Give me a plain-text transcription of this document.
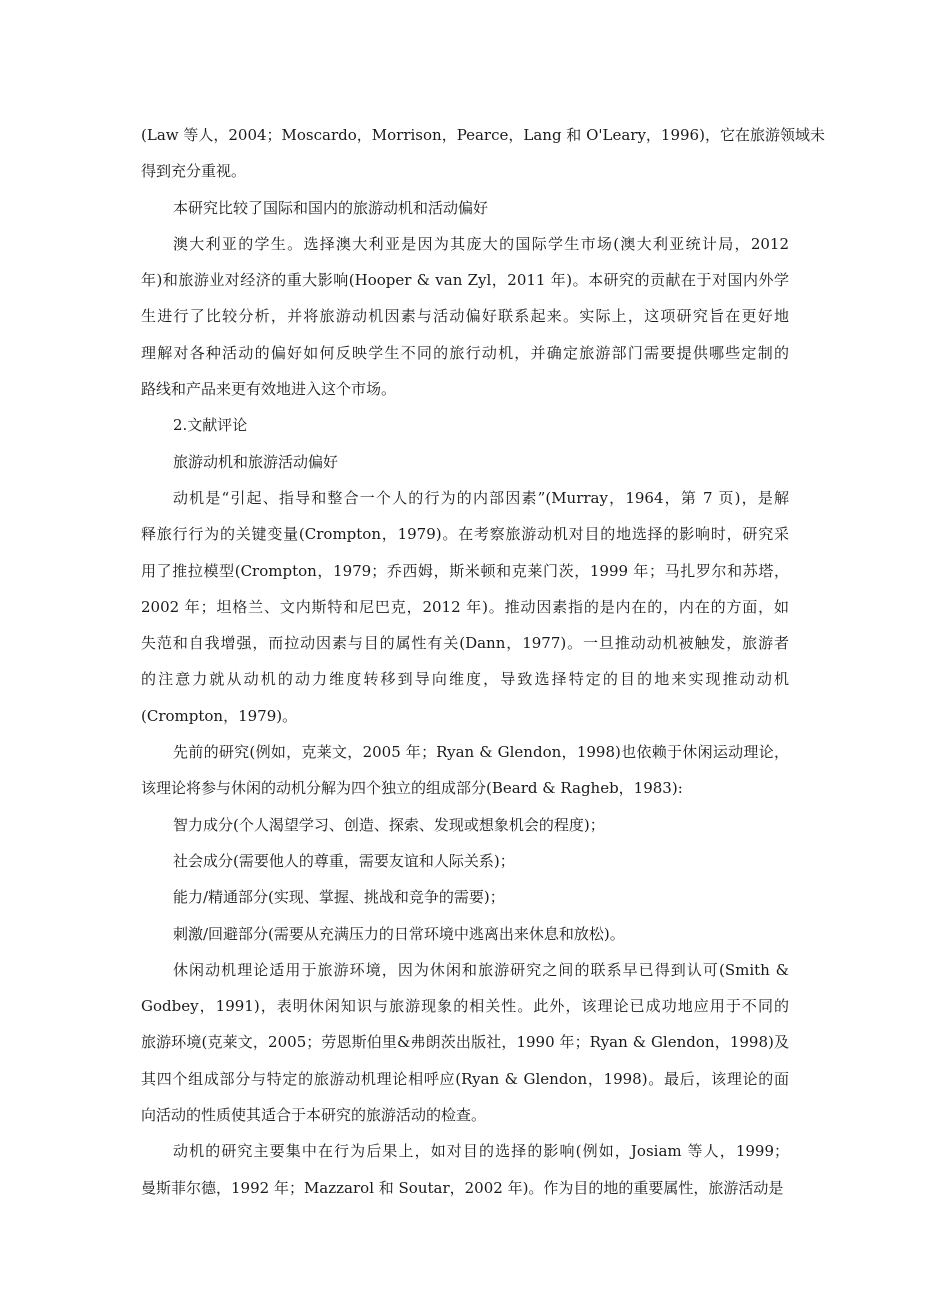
(Law 等人，2004；Moscardo，Morrison，Pearce，Lang 和 O'Leary，1996)，它在旅游领域未
得到充分重视。
本研究比较了国际和国内的旅游动机和活动偏好
澳大利亚的学生。选择澳大利亚是因为其庞大的国际学生市场(澳大利亚统计局，2012
年)和旅游业对经济的重大影响(Hooper & van Zyl，2011 年)。本研究的贡献在于对国内外学
生进行了比较分析，并将旅游动机因素与活动偏好联系起来。实际上，这项研究旨在更好地
理解对各种活动的偏好如何反映学生不同的旅行动机，并确定旅游部门需要提供哪些定制的
路线和产品来更有效地进入这个市场。
2.文献评论
旅游动机和旅游活动偏好
动机是“引起、指导和整合一个人的行为的内部因素”(Murray，1964，第 7 页)，是解
释旅行行为的关键变量(Crompton，1979)。在考察旅游动机对目的地选择的影响时，研究采
用了推拉模型(Crompton，1979；乔西姆，斯米顿和克莱门茨，1999 年；马扎罗尔和苏塔，
2002 年；坦格兰、文内斯特和尼巴克，2012 年)。推动因素指的是内在的，内在的方面，如
失范和自我增强，而拉动因素与目的属性有关(Dann，1977)。一旦推动动机被触发，旅游者
的注意力就从动机的动力维度转移到导向维度，导致选择特定的目的地来实现推动动机
(Crompton，1979)。
先前的研究(例如，克莱文，2005 年；Ryan & Glendon，1998)也依赖于休闲运动理论，
该理论将参与休闲的动机分解为四个独立的组成部分(Beard & Ragheb，1983):
智力成分(个人渴望学习、创造、探索、发现或想象机会的程度)；
社会成分(需要他人的尊重，需要友谊和人际关系)；
能力/精通部分(实现、掌握、挑战和竞争的需要)；
刺激/回避部分(需要从充满压力的日常环境中逃离出来休息和放松)。
休闲动机理论适用于旅游环境，因为休闲和旅游研究之间的联系早已得到认可(Smith &
Godbey，1991)，表明休闲知识与旅游现象的相关性。此外，该理论已成功地应用于不同的
旅游环境(克莱文，2005；劳恩斯伯里&弗朗茨出版社，1990 年；Ryan & Glendon，1998)及
其四个组成部分与特定的旅游动机理论相呼应(Ryan & Glendon，1998)。最后，该理论的面
向活动的性质使其适合于本研究的旅游活动的检查。
动机的研究主要集中在行为后果上，如对目的选择的影响(例如，Josiam 等人，1999；
曼斯菲尔德，1992 年；Mazzarol 和 Soutar，2002 年)。作为目的地的重要属性，旅游活动是
